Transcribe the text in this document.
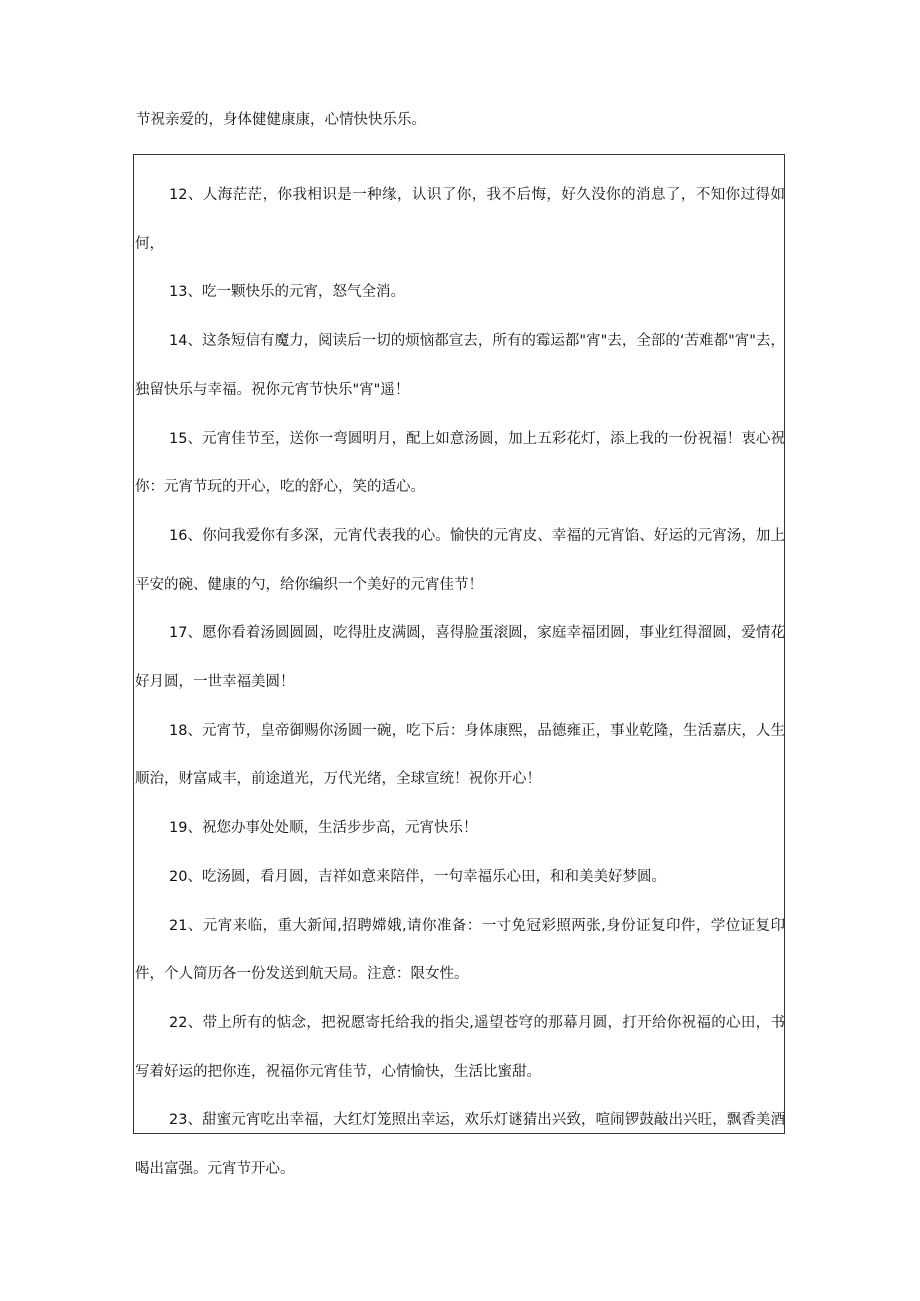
节祝亲爱的，身体健健康康，心情快快乐乐。

12、人海茫茫，你我相识是一种缘，认识了你，我不后悔，好久没你的消息了，不知你过得如何，

13、吃一颗快乐的元宵，怒气全消。

14、这条短信有魔力，阅读后一切的烦恼都宣去，所有的霉运都"宵"去，全部的‘苦难都"宵"去，独留快乐与幸福。祝你元宵节快乐"宵"遥！

15、元宵佳节至，送你一弯圆明月，配上如意汤圆，加上五彩花灯，添上我的一份祝福！衷心祝你：元宵节玩的开心，吃的舒心，笑的适心。

16、你问我爱你有多深，元宵代表我的心。愉快的元宵皮、幸福的元宵馅、好运的元宵汤，加上平安的碗、健康的勺，给你编织一个美好的元宵佳节！

17、愿你看着汤圆圆圆，吃得肚皮满圆，喜得脸蛋滚圆，家庭幸福团圆，事业红得溜圆，爱情花好月圆，一世幸福美圆！

18、元宵节，皇帝御赐你汤圆一碗，吃下后：身体康熙，品德雍正，事业乾隆，生活嘉庆，人生顺治，财富咸丰，前途道光，万代光绪，全球宣统！祝你开心！

19、祝您办事处处顺，生活步步高，元宵快乐！

20、吃汤圆，看月圆，吉祥如意来陪伴，一句幸福乐心田，和和美美好梦圆。

21、元宵来临，重大新闻,招聘嫦娥,请你准备：一寸免冠彩照两张,身份证复印件，学位证复印件，个人简历各一份发送到航天局。注意：限女性。

22、带上所有的惦念，把祝愿寄托给我的指尖,遥望苍穹的那幕月圆，打开给你祝福的心田，书写着好运的把你连，祝福你元宵佳节，心情愉快，生活比蜜甜。

23、甜蜜元宵吃出幸福，大红灯笼照出幸运，欢乐灯谜猜出兴致，喧闹锣鼓敲出兴旺，飘香美酒喝出富强。元宵节开心。
